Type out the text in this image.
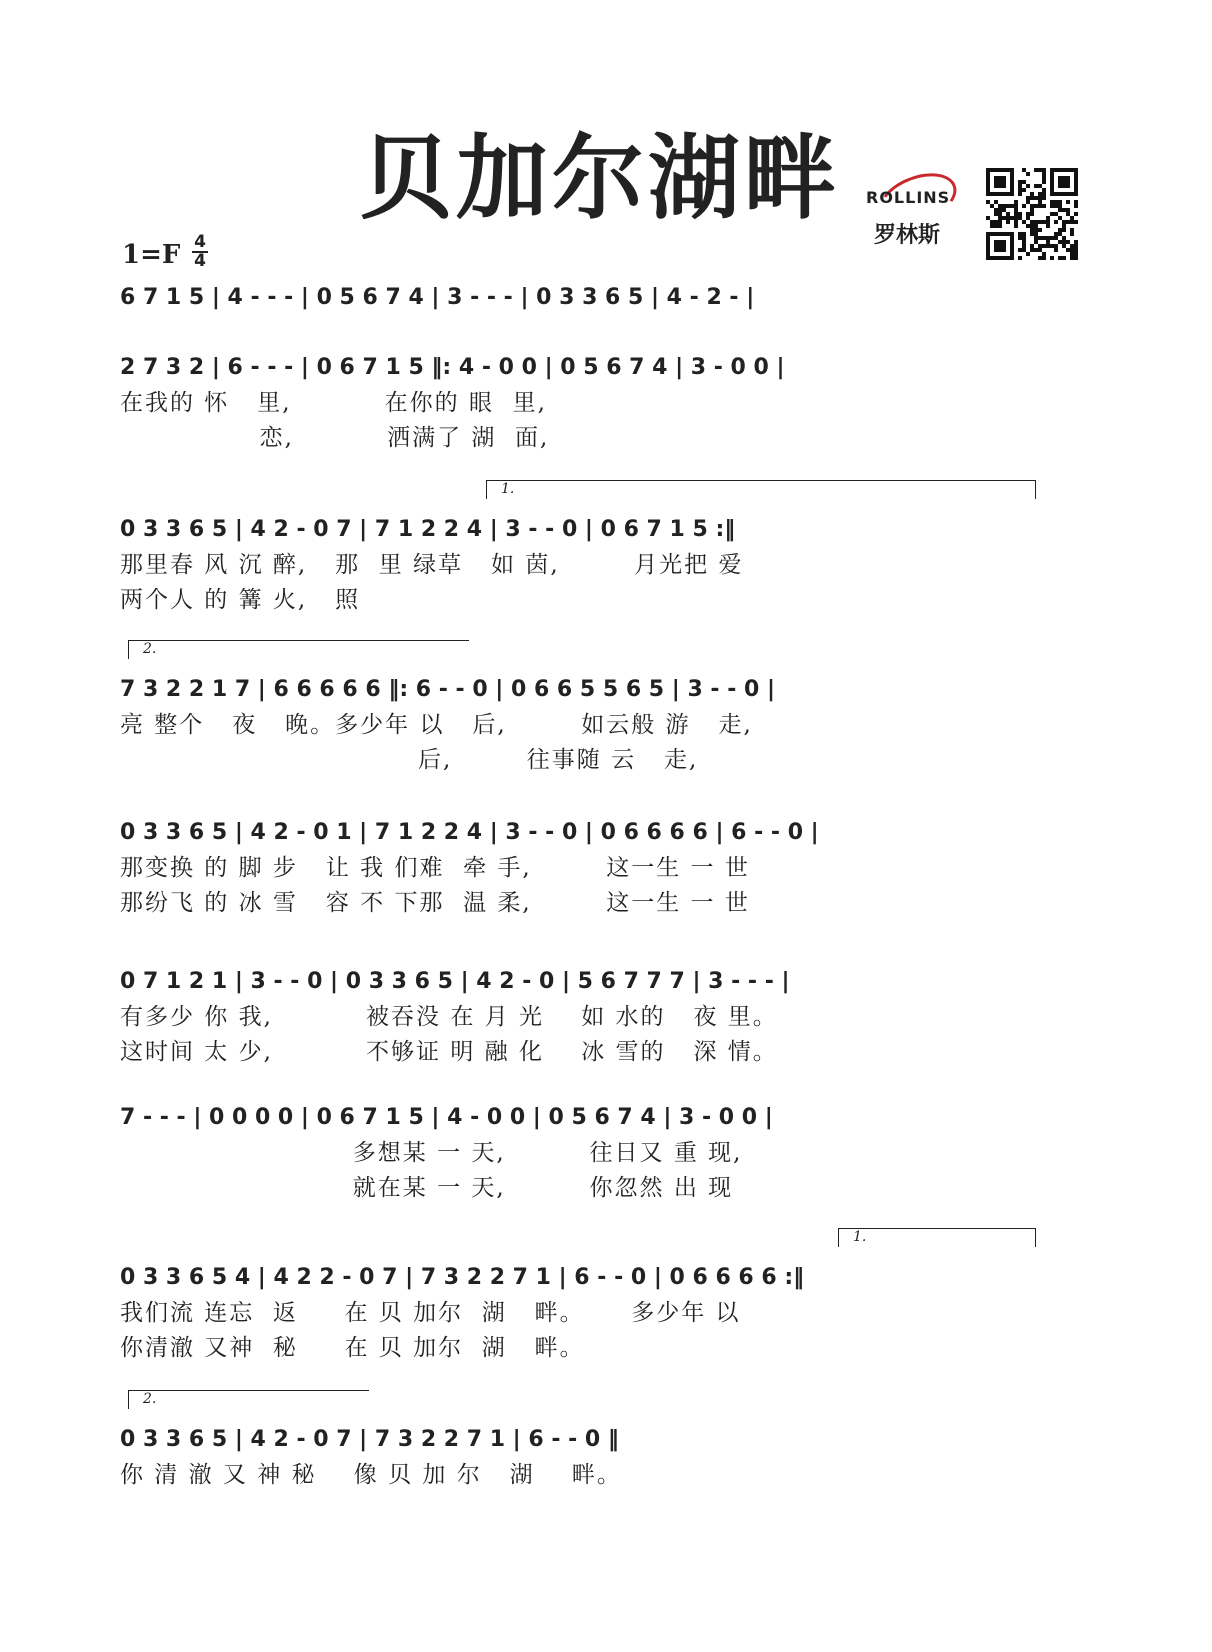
贝加尔湖畔 ROLLINS
罗林斯
1=F 4
4
6 7 1 5 | 4 - - - | 0 5 6 7 4 | 3 - - - | 0 3 3 6 5 | 4 - 2 - |
2 7 3 2 | 6 - - - | 0 6 7 1 5 ‖: 4 - 0 0 | 0 5 6 7 4 | 3 - 0 0 |
在我的 怀   里,          在你的 眼  里,
恋,          洒满了 湖  面,
0 3 3 6 5 | 4 2 - 0 7 | 7 1 2 2 4 | 3 - - 0 | 0 6 7 1 5 :‖
1.
那里春 风 沉 醉,   那  里 绿草   如 茵,        月光把 爱
两个人 的 篝 火,   照
7 3 2 2 1 7 | 6 6 6 6 6 ‖: 6 - - 0 | 0 6 6 5 5 6 5 | 3 - - 0 |
2.
亮 整个   夜   晚。多少年 以   后,        如云般 游   走,
后,        往事随 云   走,
0 3 3 6 5 | 4 2 - 0 1 | 7 1 2 2 4 | 3 - - 0 | 0 6 6 6 6 | 6 - - 0 |
那变换 的 脚 步   让 我 们难  牵 手,        这一生 一 世
那纷飞 的 冰 雪   容 不 下那  温 柔,        这一生 一 世
0 7 1 2 1 | 3 - - 0 | 0 3 3 6 5 | 4 2 - 0 | 5 6 7 7 7 | 3 - - - |
有多少 你 我,          被吞没 在 月 光    如 水的   夜 里。
这时间 太 少,          不够证 明 融 化    冰 雪的   深 情。
7 - - - | 0 0 0 0 | 0 6 7 1 5 | 4 - 0 0 | 0 5 6 7 4 | 3 - 0 0 |
多想某 一 天,         往日又 重 现,
就在某 一 天,         你忽然 出 现
0 3 3 6 5 4 | 4 2 2 - 0 7 | 7 3 2 2 7 1 | 6 - - 0 | 0 6 6 6 6 :‖
1.
我们流 连忘  返     在 贝 加尔  湖   畔。     多少年 以
你清澈 又神  秘     在 贝 加尔  湖   畔。
0 3 3 6 5 | 4 2 - 0 7 | 7 3 2 2 7 1 | 6 - - 0 ‖
2.
你 清 澈 又 神 秘    像 贝 加 尔   湖    畔。
